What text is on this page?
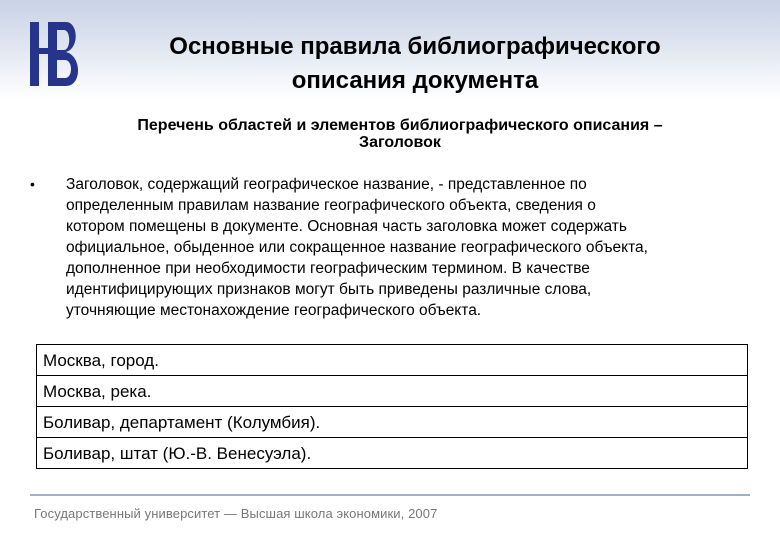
Основные правила библиографического
описания документа
Перечень областей и элементов библиографического описания –
Заголовок
• Заголовок, содержащий географическое название, - представленное по
определенным правилам название географического объекта, сведения о
котором помещены в документе. Основная часть заголовка может содержать
официальное, обыденное или сокращенное название географического объекта,
дополненное при необходимости географическим термином. В качестве
идентифицирующих признаков могут быть приведены различные слова,
уточняющие местонахождение географического объекта.
Москва, город.
Москва, река.
Боливар, департамент (Колумбия).
Боливар, штат (Ю.-В. Венесуэла).
Государственный университет — Высшая школа экономики, 2007
